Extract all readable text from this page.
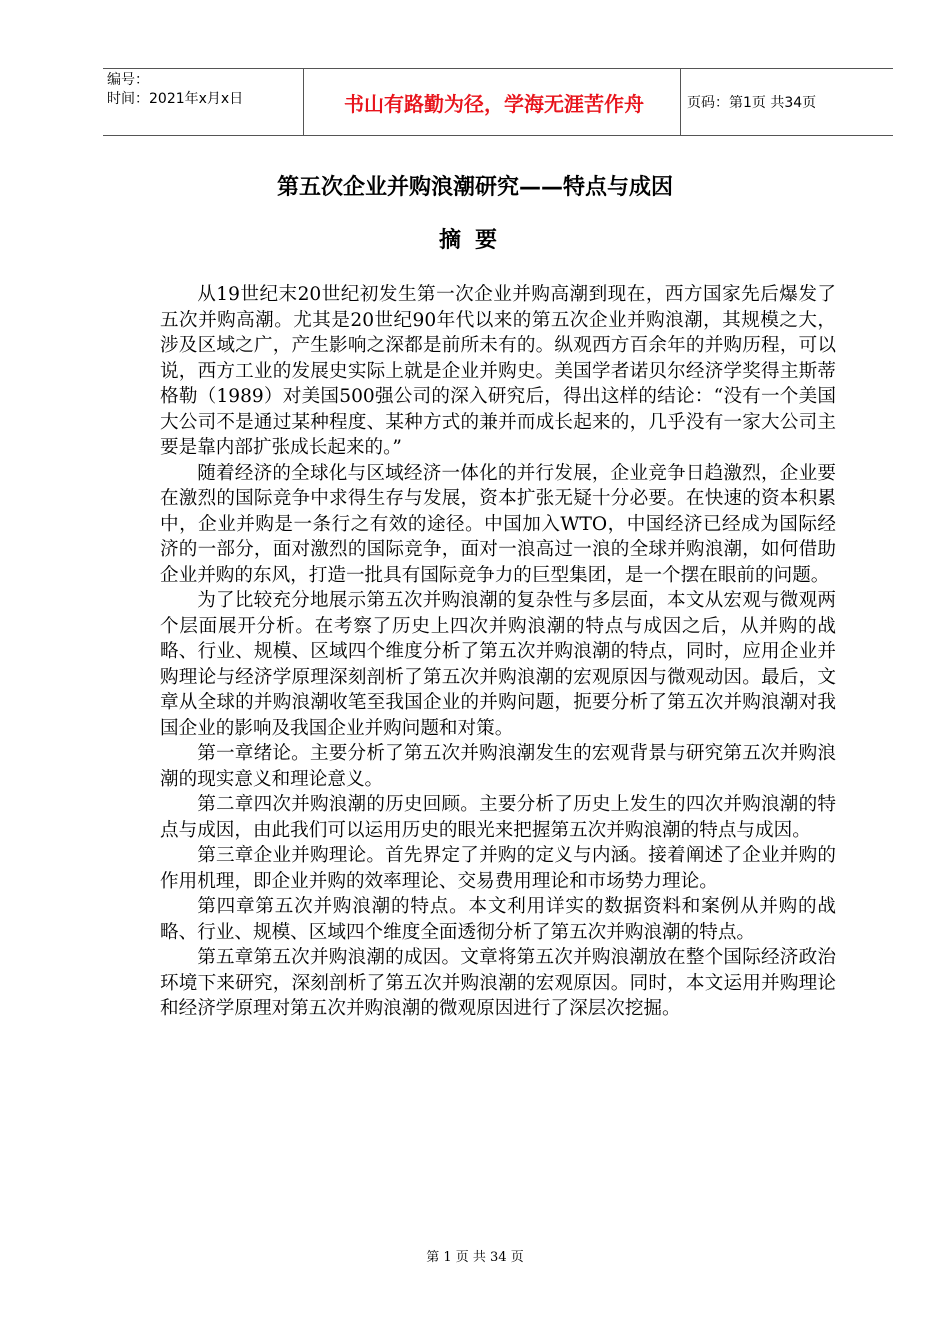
编号：
时间：2021年x月x日	书山有路勤为径，学海无涯苦作舟	页码：第1页 共34页
第五次企业并购浪潮研究——特点与成因
摘要

从19世纪末20世纪初发生第一次企业并购高潮到现在，西方国家先后爆发了五次并购高潮。尤其是20世纪90年代以来的第五次企业并购浪潮，其规模之大，涉及区域之广，产生影响之深都是前所未有的。纵观西方百余年的并购历程，可以说，西方工业的发展史实际上就是企业并购史。美国学者诺贝尔经济学奖得主斯蒂格勒（1989）对美国500强公司的深入研究后，得出这样的结论：“没有一个美国大公司不是通过某种程度、某种方式的兼并而成长起来的，几乎没有一家大公司主要是靠内部扩张成长起来的。”

随着经济的全球化与区域经济一体化的并行发展，企业竞争日趋激烈，企业要在激烈的国际竞争中求得生存与发展，资本扩张无疑十分必要。在快速的资本积累中，企业并购是一条行之有效的途径。中国加入WTO，中国经济已经成为国际经济的一部分，面对激烈的国际竞争，面对一浪高过一浪的全球并购浪潮，如何借助企业并购的东风，打造一批具有国际竞争力的巨型集团，是一个摆在眼前的问题。

为了比较充分地展示第五次并购浪潮的复杂性与多层面，本文从宏观与微观两个层面展开分析。在考察了历史上四次并购浪潮的特点与成因之后，从并购的战略、行业、规模、区域四个维度分析了第五次并购浪潮的特点，同时，应用企业并购理论与经济学原理深刻剖析了第五次并购浪潮的宏观原因与微观动因。最后，文章从全球的并购浪潮收笔至我国企业的并购问题，扼要分析了第五次并购浪潮对我国企业的影响及我国企业并购问题和对策。

第一章绪论。主要分析了第五次并购浪潮发生的宏观背景与研究第五次并购浪潮的现实意义和理论意义。

第二章四次并购浪潮的历史回顾。主要分析了历史上发生的四次并购浪潮的特点与成因，由此我们可以运用历史的眼光来把握第五次并购浪潮的特点与成因。

第三章企业并购理论。首先界定了并购的定义与内涵。接着阐述了企业并购的作用机理，即企业并购的效率理论、交易费用理论和市场势力理论。

第四章第五次并购浪潮的特点。本文利用详实的数据资料和案例从并购的战略、行业、规模、区域四个维度全面透彻分析了第五次并购浪潮的特点。

第五章第五次并购浪潮的成因。文章将第五次并购浪潮放在整个国际经济政治环境下来研究，深刻剖析了第五次并购浪潮的宏观原因。同时，本文运用并购理论和经济学原理对第五次并购浪潮的微观原因进行了深层次挖掘。

第 1 页 共 34 页
